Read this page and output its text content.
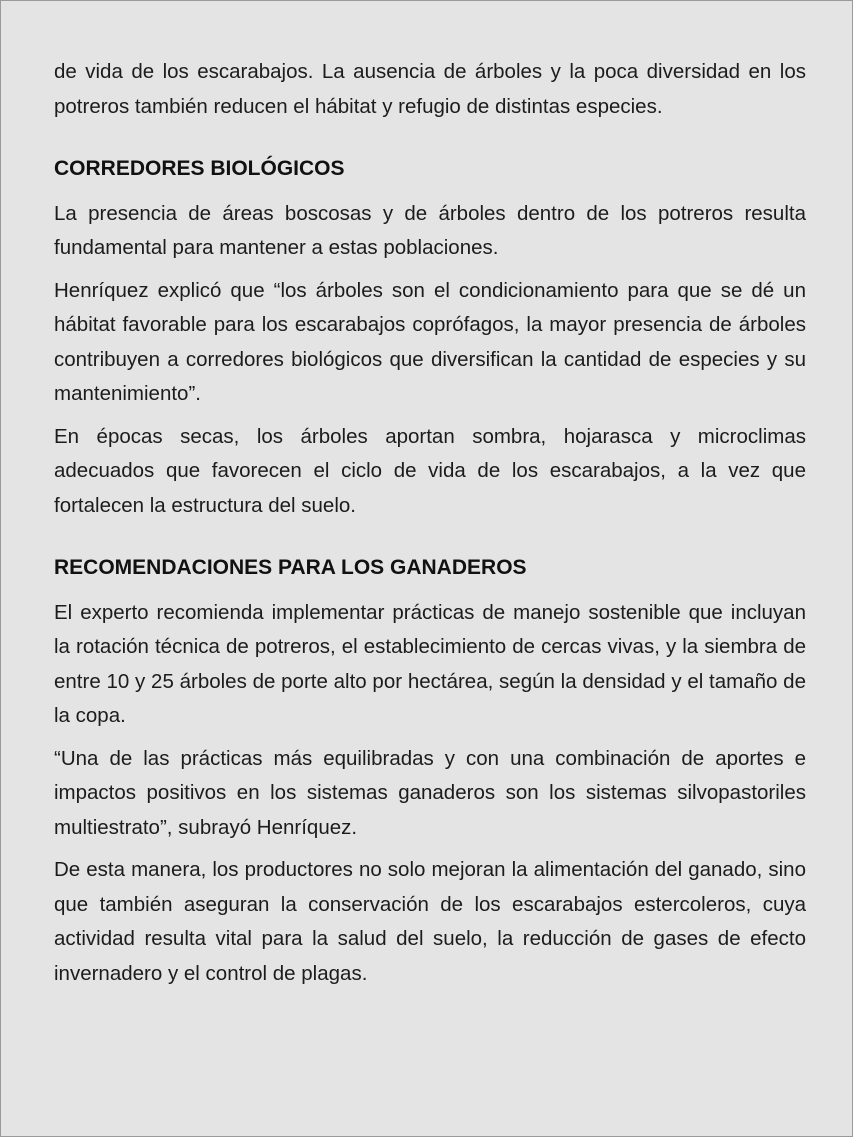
de vida de los escarabajos. La ausencia de árboles y la poca diversidad en los potreros también reducen el hábitat y refugio de distintas especies.

CORREDORES BIOLÓGICOS

La presencia de áreas boscosas y de árboles dentro de los potreros resulta fundamental para mantener a estas poblaciones.

Henríquez explicó que “los árboles son el condicionamiento para que se dé un hábitat favorable para los escarabajos coprófagos, la mayor presencia de árboles contribuyen a corredores biológicos que diversifican la cantidad de especies y su mantenimiento”.

En épocas secas, los árboles aportan sombra, hojarasca y microclimas adecuados que favorecen el ciclo de vida de los escarabajos, a la vez que fortalecen la estructura del suelo.

RECOMENDACIONES PARA LOS GANADEROS

El experto recomienda implementar prácticas de manejo sostenible que incluyan la rotación técnica de potreros, el establecimiento de cercas vivas, y la siembra de entre 10 y 25 árboles de porte alto por hectárea, según la densidad y el tamaño de la copa.

“Una de las prácticas más equilibradas y con una combinación de aportes e impactos positivos en los sistemas ganaderos son los sistemas silvopastoriles multiestrato”, subrayó Henríquez.

De esta manera, los productores no solo mejoran la alimentación del ganado, sino que también aseguran la conservación de los escarabajos estercoleros, cuya actividad resulta vital para la salud del suelo, la reducción de gases de efecto invernadero y el control de plagas.
